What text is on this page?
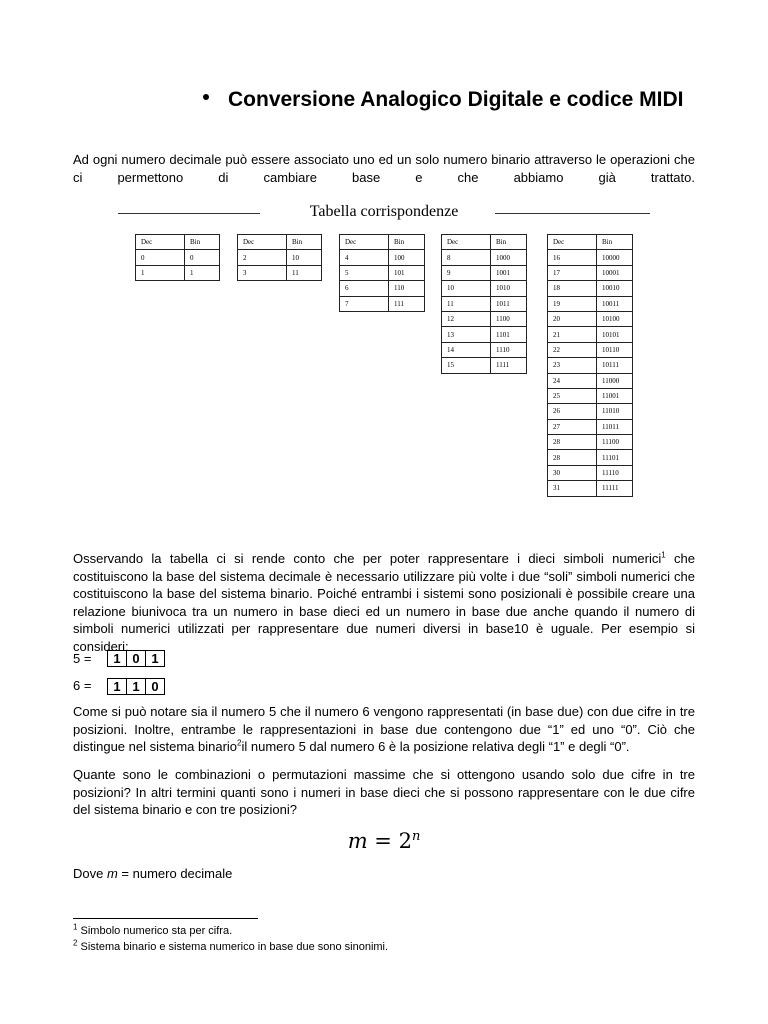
Conversione Analogico Digitale e codice MIDI
Ad ogni numero decimale può essere associato uno ed un solo numero binario attraverso le operazioni che ci permettono di cambiare base e che abbiamo già trattato.
Tabella corrispondenze
Dec	Bin
0	0
1	1
Dec	Bin
2	10
3	11
Dec	Bin
4	100
5	101
6	110
7	111
Dec	Bin
8	1000
9	1001
10	1010
11	1011
12	1100
13	1101
14	1110
15	1111
Dec	Bin
16	10000
17	10001
18	10010
19	10011
20	10100
21	10101
22	10110
23	10111
24	11000
25	11001
26	11010
27	11011
28	11100
28	11101
30	11110
31	11111
Osservando la tabella ci si rende conto che per poter rappresentare i dieci simboli numerici$^1$ che costituiscono la base del sistema decimale è necessario utilizzare più volte i due “soli” simboli numerici che costituiscono la base del sistema binario. Poiché entrambi i sistemi sono posizionali è possibile creare una relazione biunivoca tra un numero in base dieci ed un numero in base due anche quando il numero di simboli numerici utilizzati per rappresentare due numeri diversi in base10 è uguale. Per esempio si consideri:
5 =	1 0 1
6 =	1 1 0
Come si può notare sia il numero 5 che il numero 6 vengono rappresentati (in base due) con due cifre in tre posizioni. Inoltre, entrambe le rappresentazioni in base due contengono due “1” ed uno “0”. Ciò che distingue nel sistema binario$^2$il numero 5 dal numero 6 è la posizione relativa degli “1” e degli “0”.
Quante sono le combinazioni o permutazioni massime che si ottengono usando solo due cifre in tre posizioni? In altri termini quanti sono i numeri in base dieci che si possono rappresentare con le due cifre del sistema binario e con tre posizioni?
$m = 2^n$
Dove m = numero decimale
$^1$ Simbolo numerico sta per cifra.
$^2$ Sistema binario e sistema numerico in base due sono sinonimi.
